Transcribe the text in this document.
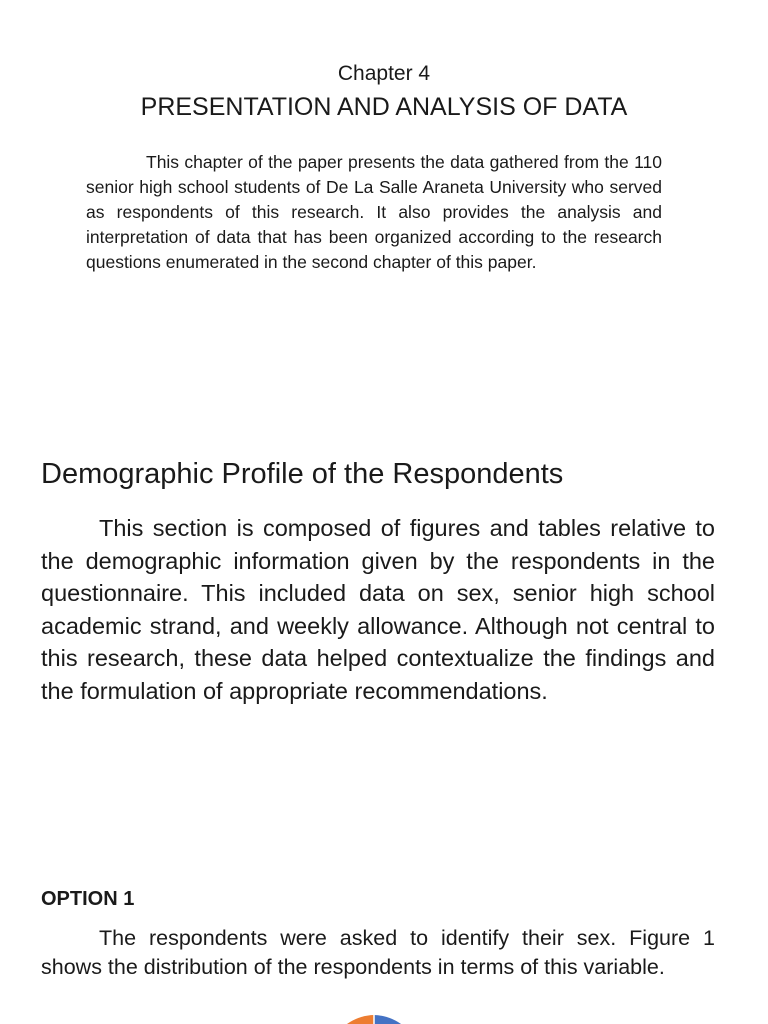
Chapter 4
PRESENTATION AND ANALYSIS OF DATA

This chapter of the paper presents the data gathered from the 110 senior high school students of De La Salle Araneta University who served as respondents of this research. It also provides the analysis and interpretation of data that has been organized according to the research questions enumerated in the second chapter of this paper.

Demographic Profile of the Respondents

This section is composed of figures and tables relative to the demographic information given by the respondents in the questionnaire. This included data on sex, senior high school academic strand, and weekly allowance. Although not central to this research, these data helped contextualize the findings and the formulation of appropriate recommendations.

OPTION 1

The respondents were asked to identify their sex. Figure 1 shows the distribution of the respondents in terms of this variable.
